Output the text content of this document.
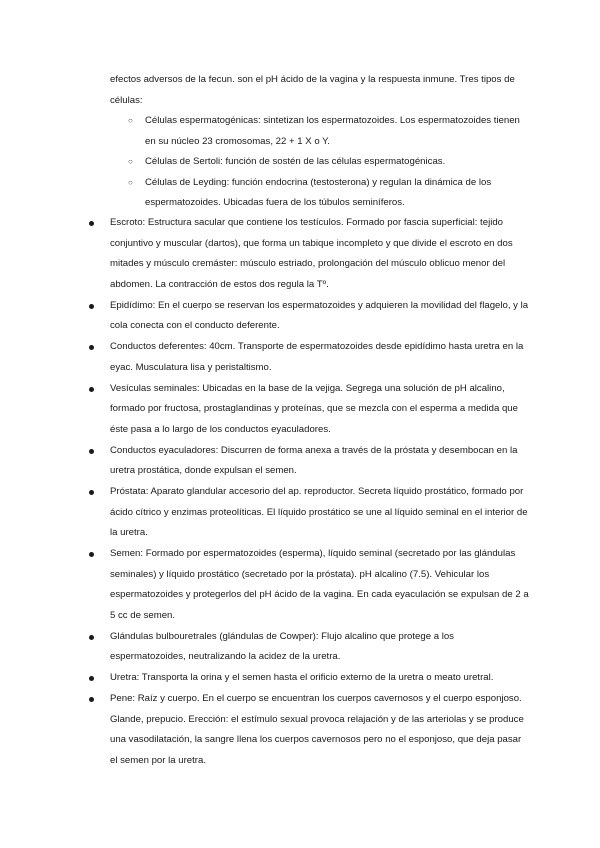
efectos adversos de la fecun. son el pH ácido de la vagina y la respuesta inmune. Tres tipos de células:

○ Células espermatogénicas: sintetizan los espermatozoides. Los espermatozoides tienen en su núcleo 23 cromosomas, 22 + 1 X o Y.

○ Células de Sertoli: función de sostén de las células espermatogénicas.

○ Células de Leyding: función endocrina (testosterona) y regulan la dinámica de los espermatozoides. Ubicadas fuera de los túbulos seminíferos.

Escroto: Estructura sacular que contiene los testículos. Formado por fascia superficial: tejido conjuntivo y muscular (dartos), que forma un tabique incompleto y que divide el escroto en dos mitades y músculo cremáster: músculo estriado, prolongación del músculo oblicuo menor del abdomen. La contracción de estos dos regula la Tº.

Epidídimo: En el cuerpo se reservan los espermatozoides y adquieren la movilidad del flagelo, y la cola conecta con el conducto deferente.

Conductos deferentes: 40cm. Transporte de espermatozoides desde epidídimo hasta uretra en la eyac. Musculatura lisa y peristaltismo.

Vesículas seminales: Ubicadas en la base de la vejiga. Segrega una solución de pH alcalino, formado por fructosa, prostaglandinas y proteínas, que se mezcla con el esperma a medida que éste pasa a lo largo de los conductos eyaculadores.

Conductos eyaculadores: Discurren de forma anexa a través de la próstata y desembocan en la uretra prostática, donde expulsan el semen.

Próstata: Aparato glandular accesorio del ap. reproductor. Secreta líquido prostático, formado por ácido cítrico y enzimas proteolíticas. El líquido prostático se une al líquido seminal en el interior de la uretra.

Semen: Formado por espermatozoides (esperma), líquido seminal (secretado por las glándulas seminales) y líquido prostático (secretado por la próstata). pH alcalino (7.5). Vehicular los espermatozoides y protegerlos del pH ácido de la vagina. En cada eyaculación se expulsan de 2 a 5 cc de semen.

Glándulas bulbouretrales (glándulas de Cowper): Flujo alcalino que protege a los espermatozoides, neutralizando la acidez de la uretra.

Uretra: Transporta la orina y el semen hasta el orificio externo de la uretra o meato uretral.

Pene: Raíz y cuerpo. En el cuerpo se encuentran los cuerpos cavernosos y el cuerpo esponjoso. Glande, prepucio. Erección: el estímulo sexual provoca relajación y de las arteriolas y se produce una vasodilatación, la sangre llena los cuerpos cavernosos pero no el esponjoso, que deja pasar el semen por la uretra.
